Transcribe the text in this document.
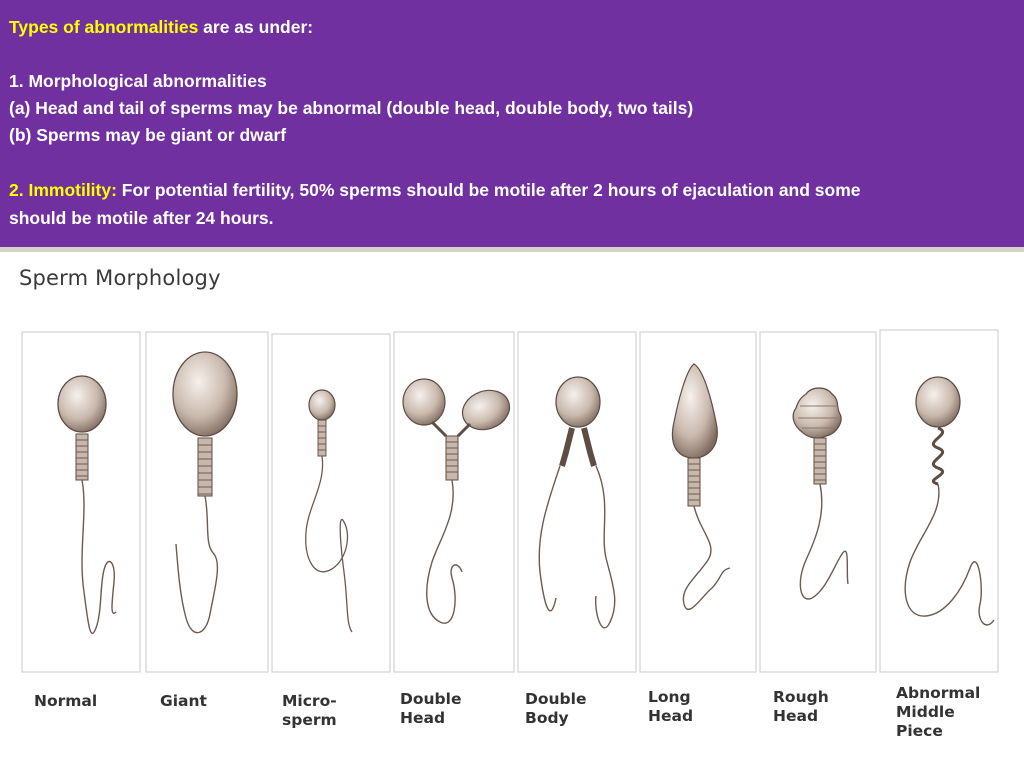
Types of abnormalities are as under:
1. Morphological abnormalities
(a) Head and tail of sperms may be abnormal (double head, double body, two tails)
(b) Sperms may be giant or dwarf
2. Immotility: For potential fertility, 50% sperms should be motile after 2 hours of ejaculation and some
should be motile after 24 hours.
Sperm Morphology
Normal	Giant	Micro-
sperm
Double
Head
Double
Body
Long
Head
Rough
Head
Abnormal
Middle
Piece
